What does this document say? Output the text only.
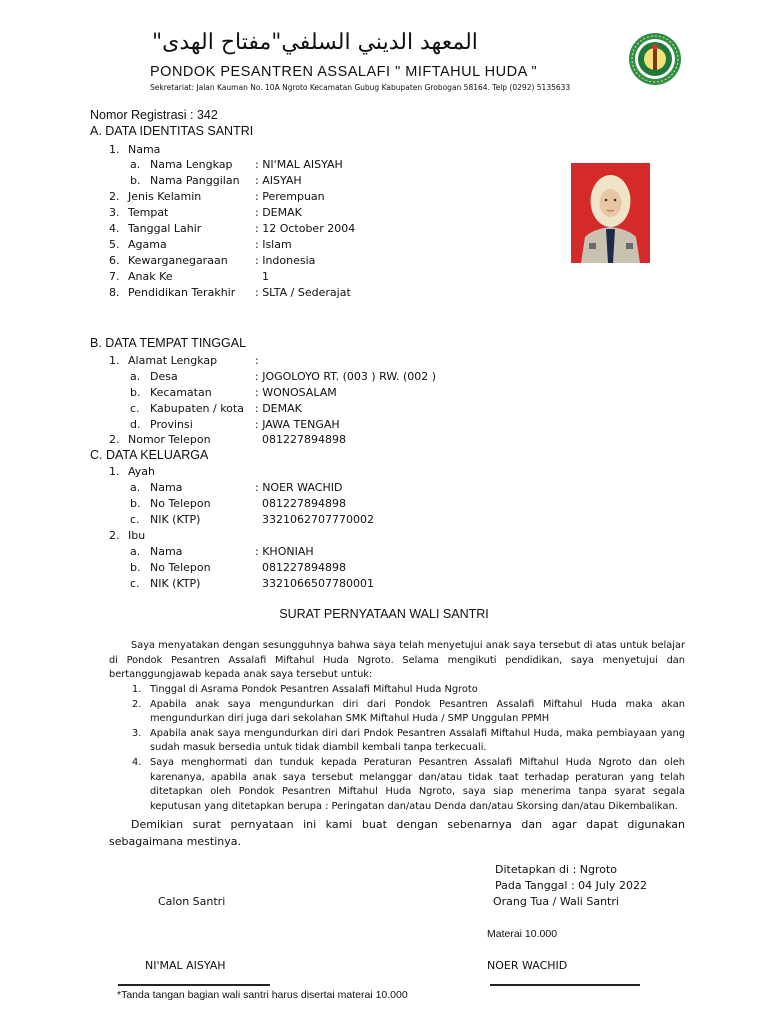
المعهد الديني السلفي"مفتاح الهدى"
PONDOK PESANTREN ASSALAFI " MIFTAHUL HUDA "
Sekretariat: Jalan Kauman No. 10A Ngroto Kecamatan Gubug Kabupaten Grobogan 58164. Telp (0292) 5135633
Nomor Registrasi : 342
A. DATA IDENTITAS SANTRI
1. Nama
a. Nama Lengkap : NI'MAL AISYAH
b. Nama Panggilan : AISYAH
2. Jenis Kelamin	: Perempuan
3. Tempat	: DEMAK
4. Tanggal Lahir	: 12 October 2004
5. Agama	: Islam
6. Kewarganegaraan : Indonesia
7. Anak Ke	1
8. Pendidikan Terakhir : SLTA / Sederajat
B. DATA TEMPAT TINGGAL
1. Alamat Lengkap	:
a. Desa	: JOGOLOYO RT. (003 ) RW. (002 )
b. Kecamatan	: WONOSALAM
c. Kabupaten / kota : DEMAK
d. Provinsi	: JAWA TENGAH
2. Nomor Telepon	081227894898
C. DATA KELUARGA
1. Ayah
a. Nama	: NOER WACHID
b. No Telepon	081227894898
c. NIK (KTP)	3321062707770002
2. Ibu
a. Nama	: KHONIAH
b. No Telepon	081227894898
c. NIK (KTP)	3321066507780001
SURAT PERNYATAAN WALI SANTRI

Saya menyatakan dengan sesungguhnya bahwa saya telah menyetujui anak saya tersebut di atas untuk belajar di Pondok Pesantren Assalafi Miftahul Huda Ngroto. Selama mengikuti pendidikan, saya menyetujui dan bertanggungjawab kepada anak saya tersebut untuk:

1. Tinggal di Asrama Pondok Pesantren Assalafi Miftahul Huda Ngroto
2. Apabila anak saya mengundurkan diri dari Pondok Pesantren Assalafi Miftahul Huda maka akan mengundurkan diri juga dari sekolahan SMK Miftahul Huda / SMP Unggulan PPMH
3. Apabila anak saya mengundurkan diri dari Pndok Pesantren Assalafi Miftahul Huda, maka pembiayaan yang sudah masuk bersedia untuk tidak diambil kembali tanpa terkecuali.
4. Saya menghormati dan tunduk kepada Peraturan Pesantren Assalafi Miftahul Huda Ngroto dan oleh karenanya, apabila anak saya tersebut melanggar dan/atau tidak taat terhadap peraturan yang telah ditetapkan oleh Pondok Pesantren Miftahul Huda Ngroto, saya siap menerima tanpa syarat segala keputusan yang ditetapkan berupa : Peringatan dan/atau Denda dan/atau Skorsing dan/atau Dikembalikan.

Demikian surat pernyataan ini kami buat dengan sebenarnya dan agar dapat digunakan sebagaimana mestinya.

Ditetapkan di : Ngroto
Pada Tanggal : 04 July 2022
Calon Santri	Orang Tua / Wali Santri
Materai 10.000
NI'MAL AISYAH	NOER WACHID
*Tanda tangan bagian wali santri harus disertai materai 10.000
